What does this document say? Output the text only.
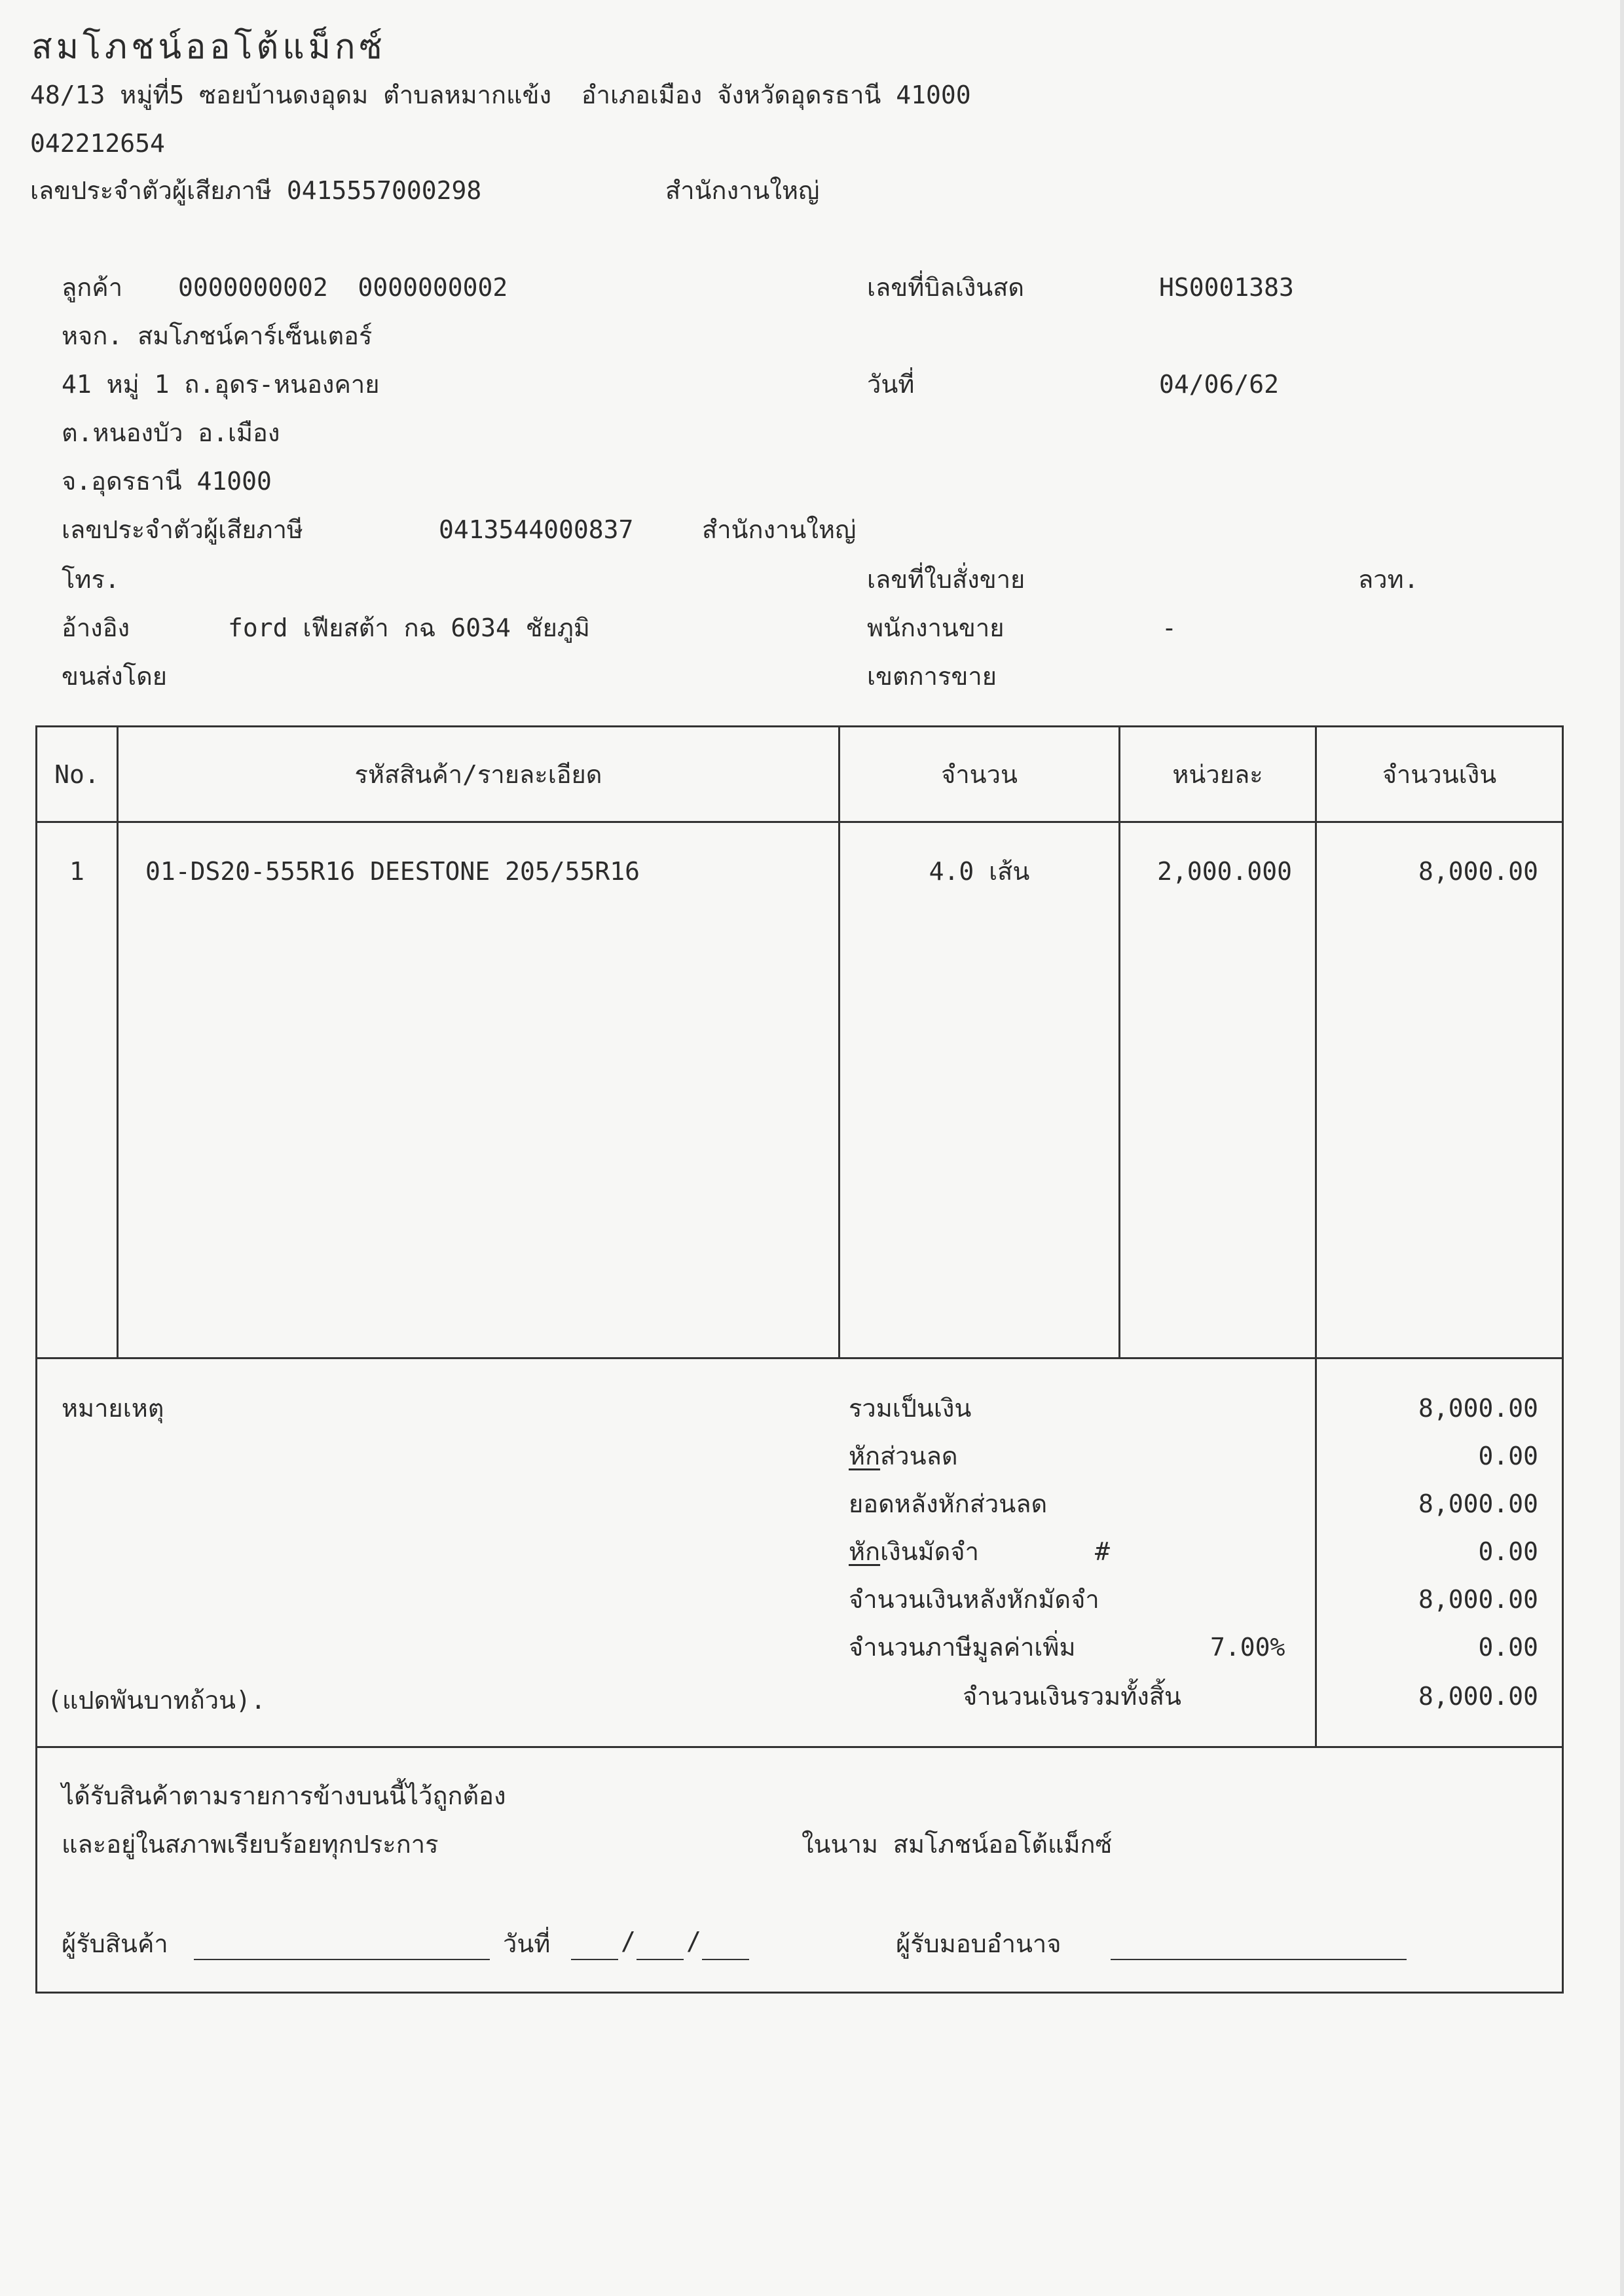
สมโภชน์ออโต้แม็กซ์
48/13 หมู่ที่5 ซอยบ้านดงอุดม ตำบลหมากแข้ง  อำเภอเมือง จังหวัดอุดรธานี 41000
042212654
เลขประจำตัวผู้เสียภาษี 0415557000298	สำนักงานใหญ่
ลูกค้า 0000000002  0000000002
หจก. สมโภชน์คาร์เซ็นเตอร์
41 หมู่ 1 ถ.อุดร-หนองคาย
ต.หนองบัว อ.เมือง
จ.อุดรธานี 41000
เลขประจำตัวผู้เสียภาษี	0413544000837	สำนักงานใหญ่
โทร.
อ้างอิง	ford เฟียสต้า กฉ 6034 ชัยภูมิ
ขนส่งโดย
เลขที่บิลเงินสด	HS0001383
วันที่	04/06/62
เลขที่ใบสั่งขาย	ลวท.
พนักงานขาย	-
เขตการขาย
No.	รหัสสินค้า/รายละเอียด	จำนวน	หน่วยละ	จำนวนเงิน
1	01-DS20-555R16 DEESTONE 205/55R16	4.0 เส้น	2,000.000	8,000.00
หมายเหตุ
(แปดพันบาทถ้วน).
รวมเป็นเงิน	8,000.00
หักส่วนลด	0.00
ยอดหลังหักส่วนลด	8,000.00
หักเงินมัดจำ	#	0.00
จำนวนเงินหลังหักมัดจำ	8,000.00
จำนวนภาษีมูลค่าเพิ่ม	7.00%	0.00
จำนวนเงินรวมทั้งสิ้น	8,000.00
ได้รับสินค้าตามรายการข้างบนนี้ไว้ถูกต้อง
และอยู่ในสภาพเรียบร้อยทุกประการ	ในนาม สมโภชน์ออโต้แม็กซ์
ผู้รับสินค้า	วันที่	/ /	ผู้รับมอบอำนาจ
